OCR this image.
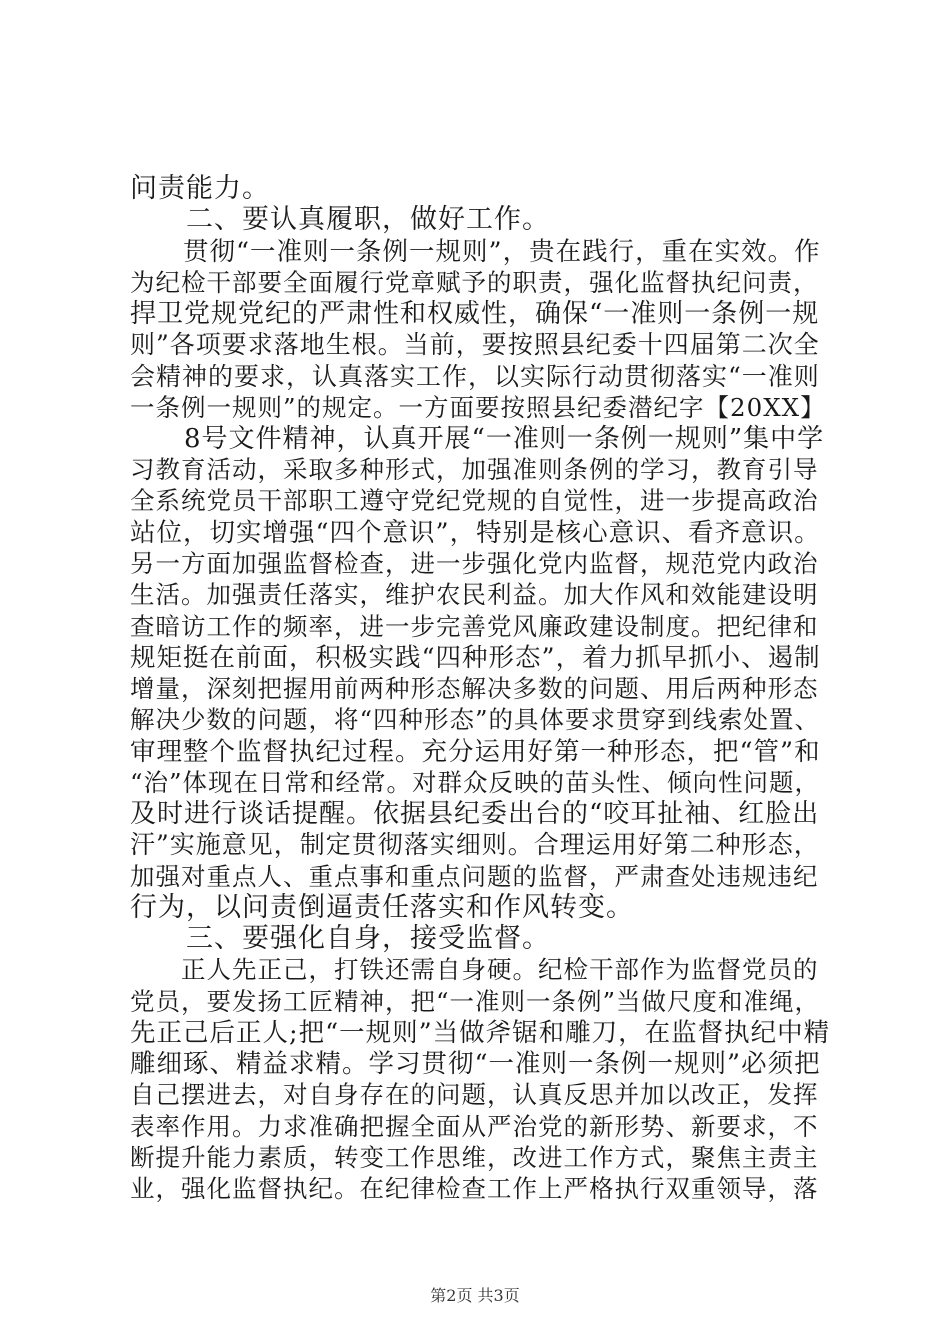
问责能力。
　　二、要认真履职，做好工作。
　　贯彻“一准则一条例一规则”，贵在践行，重在实效。作
为纪检干部要全面履行党章赋予的职责，强化监督执纪问责，
捍卫党规党纪的严肃性和权威性，确保“一准则一条例一规
则”各项要求落地生根。当前，要按照县纪委十四届第二次全
会精神的要求，认真落实工作，以实际行动贯彻落实“一准则
一条例一规则”的规定。一方面要按照县纪委潜纪字【20XX】
　　8号文件精神，认真开展“一准则一条例一规则”集中学
习教育活动，采取多种形式，加强准则条例的学习，教育引导
全系统党员干部职工遵守党纪党规的自觉性，进一步提高政治
站位，切实增强“四个意识”，特别是核心意识、看齐意识。
另一方面加强监督检查，进一步强化党内监督，规范党内政治
生活。加强责任落实，维护农民利益。加大作风和效能建设明
查暗访工作的频率，进一步完善党风廉政建设制度。把纪律和
规矩挺在前面，积极实践“四种形态”，着力抓早抓小、遏制
增量，深刻把握用前两种形态解决多数的问题、用后两种形态
解决少数的问题，将“四种形态”的具体要求贯穿到线索处置、
审理整个监督执纪过程。充分运用好第一种形态，把“管”和
“治”体现在日常和经常。对群众反映的苗头性、倾向性问题，
及时进行谈话提醒。依据县纪委出台的“咬耳扯袖、红脸出
汗”实施意见，制定贯彻落实细则。合理运用好第二种形态，
加强对重点人、重点事和重点问题的监督，严肃查处违规违纪
行为，以问责倒逼责任落实和作风转变。
　　三、要强化自身，接受监督。
　　正人先正己，打铁还需自身硬。纪检干部作为监督党员的
党员，要发扬工匠精神，把“一准则一条例”当做尺度和准绳，
先正己后正人;把“一规则”当做斧锯和雕刀，在监督执纪中精
雕细琢、精益求精。学习贯彻“一准则一条例一规则”必须把
自己摆进去，对自身存在的问题，认真反思并加以改正，发挥
表率作用。力求准确把握全面从严治党的新形势、新要求，不
断提升能力素质，转变工作思维，改进工作方式，聚焦主责主
业，强化监督执纪。在纪律检查工作上严格执行双重领导，落
第2页 共3页
